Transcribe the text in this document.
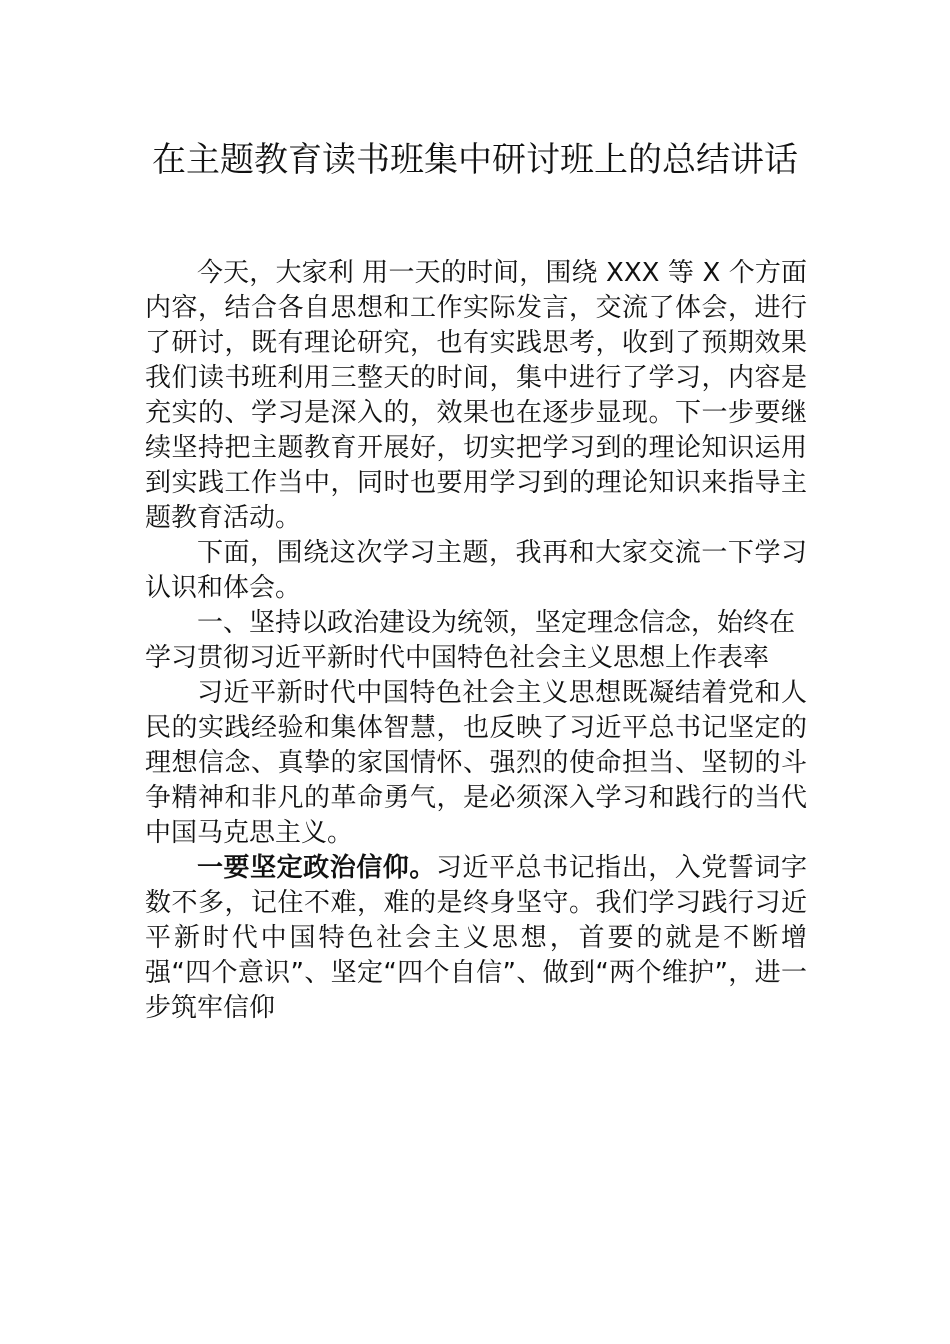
在主题教育读书班集中研讨班上的总结讲话

今天，大家利 用一天的时间，围绕 XXX 等 X 个方面内容，结合各自思想和工作实际发言，交流了体会，进行了研讨，既有理论研究，也有实践思考，收到了预期效果我们读书班利用三整天的时间，集中进行了学习，内容是充实的、学习是深入的，效果也在逐步显现。下一步要继续坚持把主题教育开展好，切实把学习到的理论知识运用到实践工作当中，同时也要用学习到的理论知识来指导主题教育活动。

下面，围绕这次学习主题，我再和大家交流一下学习认识和体会。

一、坚持以政治建设为统领，坚定理念信念，始终在学习贯彻习近平新时代中国特色社会主义思想上作表率

习近平新时代中国特色社会主义思想既凝结着党和人民的实践经验和集体智慧，也反映了习近平总书记坚定的理想信念、真挚的家国情怀、强烈的使命担当、坚韧的斗争精神和非凡的革命勇气，是必须深入学习和践行的当代中国马克思主义。

一要坚定政治信仰。习近平总书记指出，入党誓词字数不多，记住不难，难的是终身坚守。我们学习践行习近平新时代中国特色社会主义思想，首要的就是不断增强“四个意识”、坚定“四个自信”、做到“两个维护”，进一步筑牢信仰
